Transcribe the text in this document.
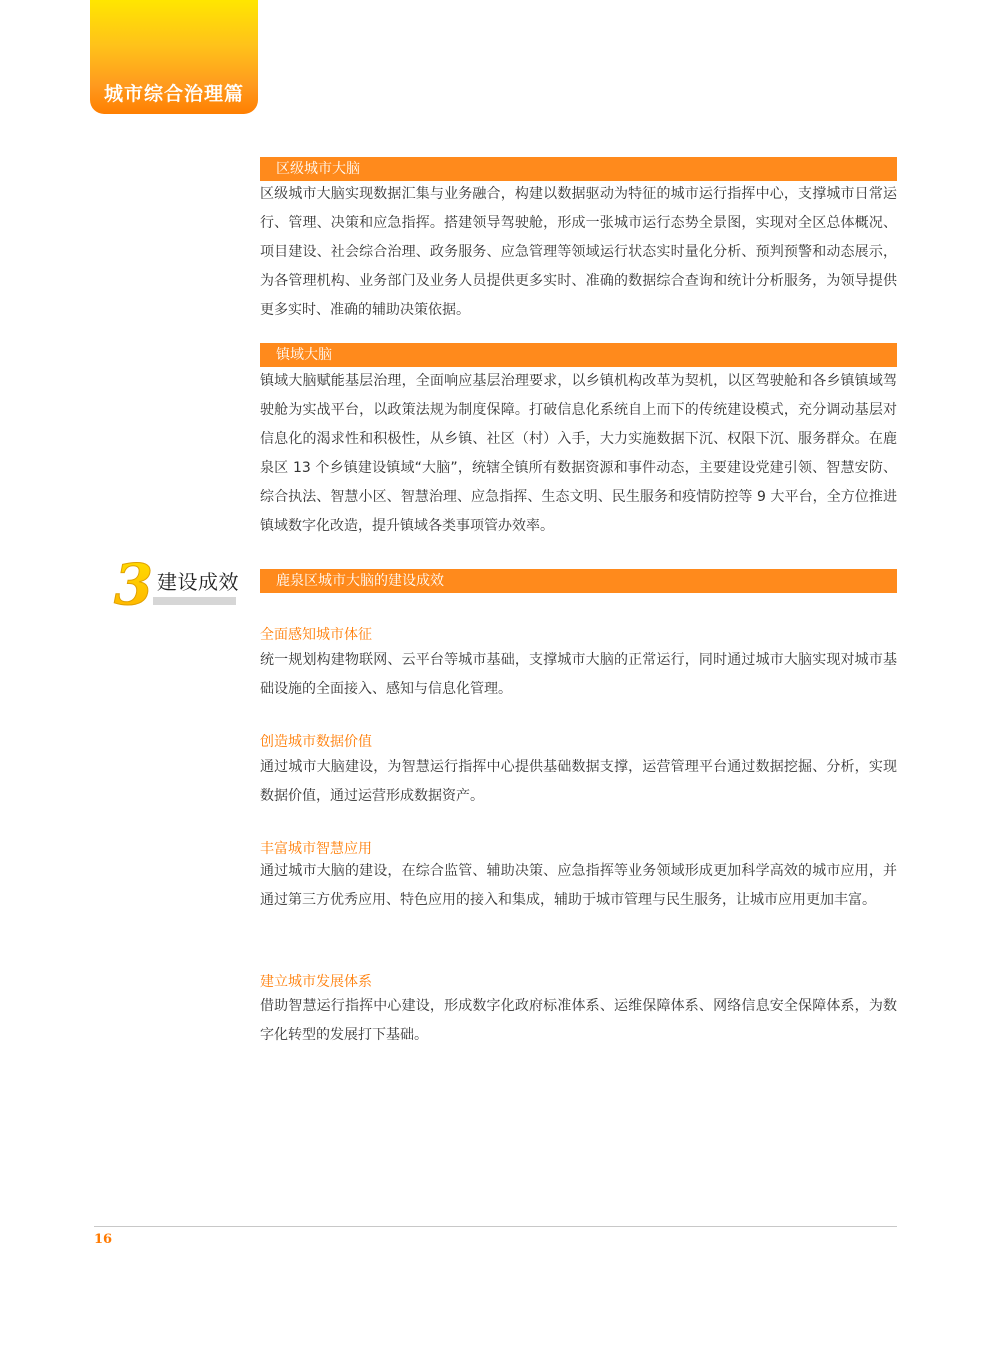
城市综合治理篇
区级城市大脑

区级城市大脑实现数据汇集与业务融合，构建以数据驱动为特征的城市运行指挥中心，支撑城市日常运行、管理、决策和应急指挥。搭建领导驾驶舱，形成一张城市运行态势全景图，实现对全区总体概况、项目建设、社会综合治理、政务服务、应急管理等领域运行状态实时量化分析、预判预警和动态展示，为各管理机构、业务部门及业务人员提供更多实时、准确的数据综合查询和统计分析服务，为领导提供更多实时、准确的辅助决策依据。

镇域大脑

镇域大脑赋能基层治理，全面响应基层治理要求，以乡镇机构改革为契机，以区驾驶舱和各乡镇镇域驾驶舱为实战平台，以政策法规为制度保障。打破信息化系统自上而下的传统建设模式，充分调动基层对信息化的渴求性和积极性，从乡镇、社区（村）入手，大力实施数据下沉、权限下沉、服务群众。在鹿泉区 13 个乡镇建设镇域“大脑”，统辖全镇所有数据资源和事件动态，主要建设党建引领、智慧安防、综合执法、智慧小区、智慧治理、应急指挥、生态文明、民生服务和疫情防控等 9 大平台，全方位推进镇域数字化改造，提升镇域各类事项管办效率。

3 建设成效	鹿泉区城市大脑的建设成效
全面感知城市体征

统一规划构建物联网、云平台等城市基础，支撑城市大脑的正常运行，同时通过城市大脑实现对城市基础设施的全面接入、感知与信息化管理。

创造城市数据价值

通过城市大脑建设，为智慧运行指挥中心提供基础数据支撑，运营管理平台通过数据挖掘、分析，实现数据价值，通过运营形成数据资产。

丰富城市智慧应用

通过城市大脑的建设，在综合监管、辅助决策、应急指挥等业务领域形成更加科学高效的城市应用，并通过第三方优秀应用、特色应用的接入和集成，辅助于城市管理与民生服务，让城市应用更加丰富。

建立城市发展体系

借助智慧运行指挥中心建设，形成数字化政府标准体系、运维保障体系、网络信息安全保障体系，为数字化转型的发展打下基础。

16
